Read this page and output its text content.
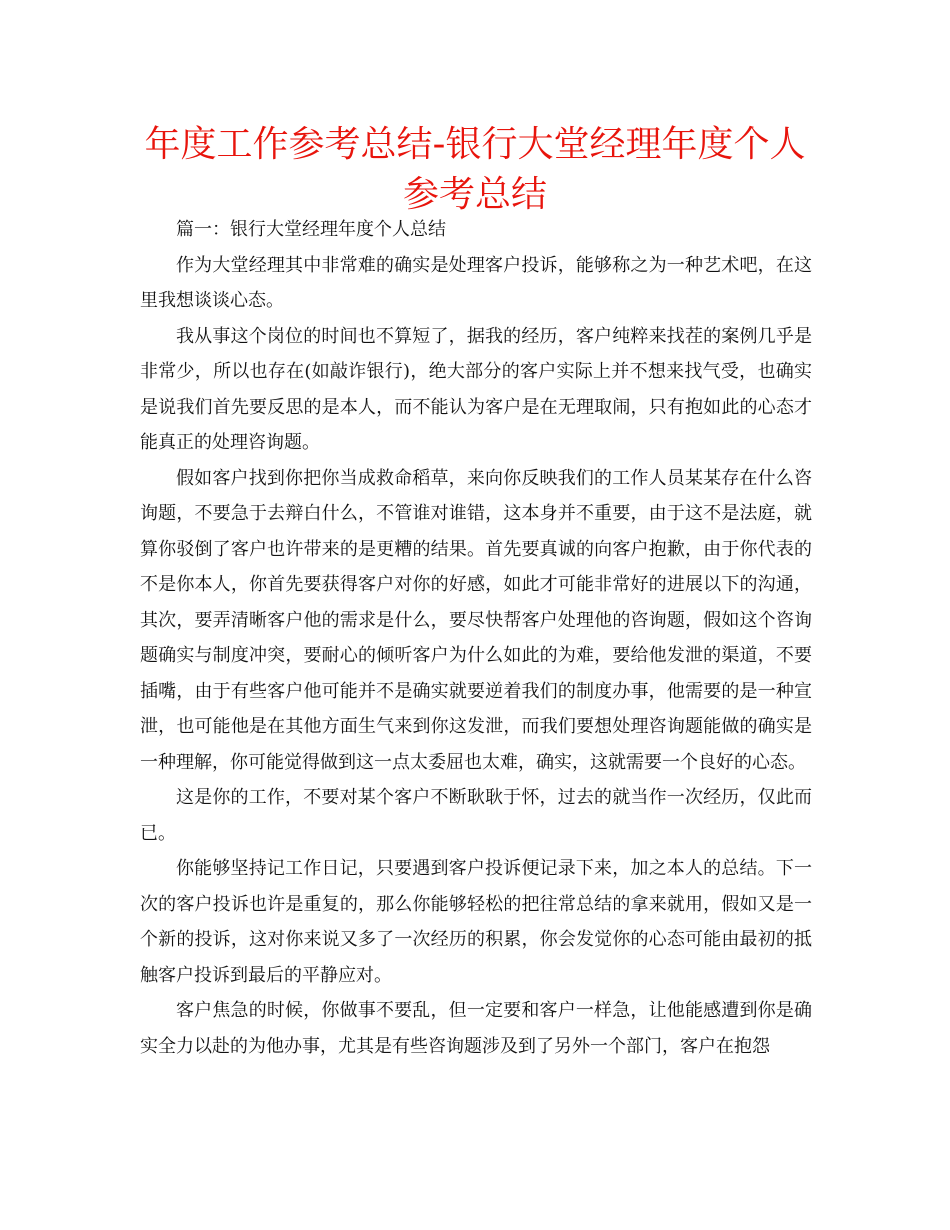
年度工作参考总结-银行大堂经理年度个人参考总结

篇一：银行大堂经理年度个人总结

作为大堂经理其中非常难的确实是处理客户投诉，能够称之为一种艺术吧，在这里我想谈谈心态。

我从事这个岗位的时间也不算短了，据我的经历，客户纯粹来找茬的案例几乎是非常少，所以也存在(如敲诈银行)，绝大部分的客户实际上并不想来找气受，也确实是说我们首先要反思的是本人，而不能认为客户是在无理取闹，只有抱如此的心态才能真正的处理咨询题。

假如客户找到你把你当成救命稻草，来向你反映我们的工作人员某某存在什么咨询题，不要急于去辩白什么，不管谁对谁错，这本身并不重要，由于这不是法庭，就算你驳倒了客户也许带来的是更糟的结果。首先要真诚的向客户抱歉，由于你代表的不是你本人，你首先要获得客户对你的好感，如此才可能非常好的进展以下的沟通，其次，要弄清晰客户他的需求是什么，要尽快帮客户处理他的咨询题，假如这个咨询题确实与制度冲突，要耐心的倾听客户为什么如此的为难，要给他发泄的渠道，不要插嘴，由于有些客户他可能并不是确实就要逆着我们的制度办事，他需要的是一种宣泄，也可能他是在其他方面生气来到你这发泄，而我们要想处理咨询题能做的确实是一种理解，你可能觉得做到这一点太委屈也太难，确实，这就需要一个良好的心态。

这是你的工作，不要对某个客户不断耿耿于怀，过去的就当作一次经历，仅此而已。

你能够坚持记工作日记，只要遇到客户投诉便记录下来，加之本人的总结。下一次的客户投诉也许是重复的，那么你能够轻松的把往常总结的拿来就用，假如又是一个新的投诉，这对你来说又多了一次经历的积累，你会发觉你的心态可能由最初的抵触客户投诉到最后的平静应对。

客户焦急的时候，你做事不要乱，但一定要和客户一样急，让他能感遭到你是确实全力以赴的为他办事，尤其是有些咨询题涉及到了另外一个部门，客户在抱怨
